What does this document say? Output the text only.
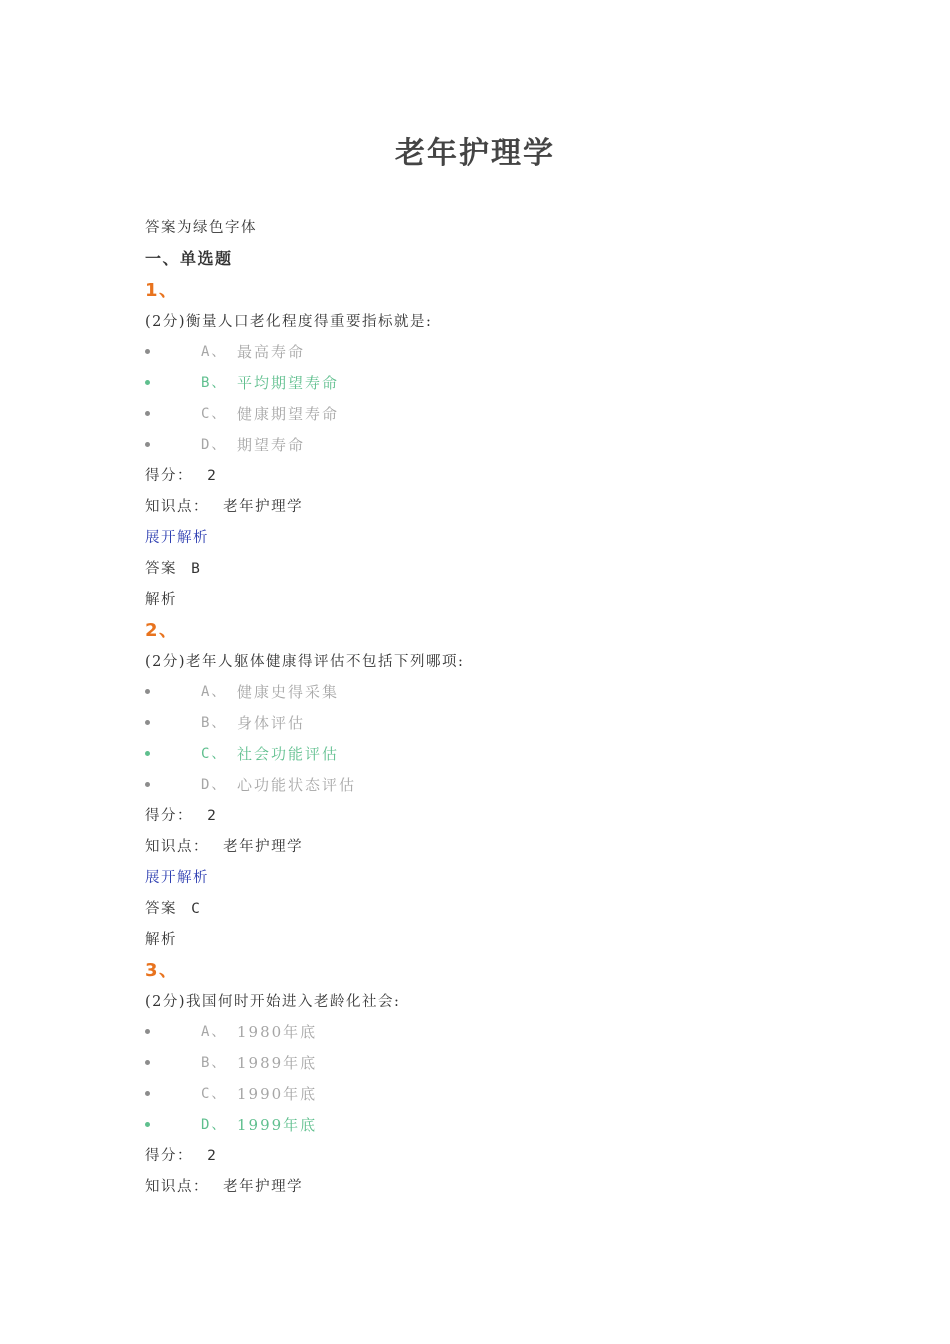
老年护理学
答案为绿色字体
一、单选题
1、
(2分)衡量人口老化程度得重要指标就是:
A、 最高寿命
B、 平均期望寿命
C、 健康期望寿命
D、 期望寿命
得分： 2
知识点： 老年护理学
展开解析
答案 B
解析
2、
(2分)老年人躯体健康得评估不包括下列哪项:
A、 健康史得采集
B、 身体评估
C、 社会功能评估
D、 心功能状态评估
得分： 2
知识点： 老年护理学
展开解析
答案 C
解析
3、
(2分)我国何时开始进入老龄化社会:
A、 1980年底
B、 1989年底
C、 1990年底
D、 1999年底
得分： 2
知识点： 老年护理学
